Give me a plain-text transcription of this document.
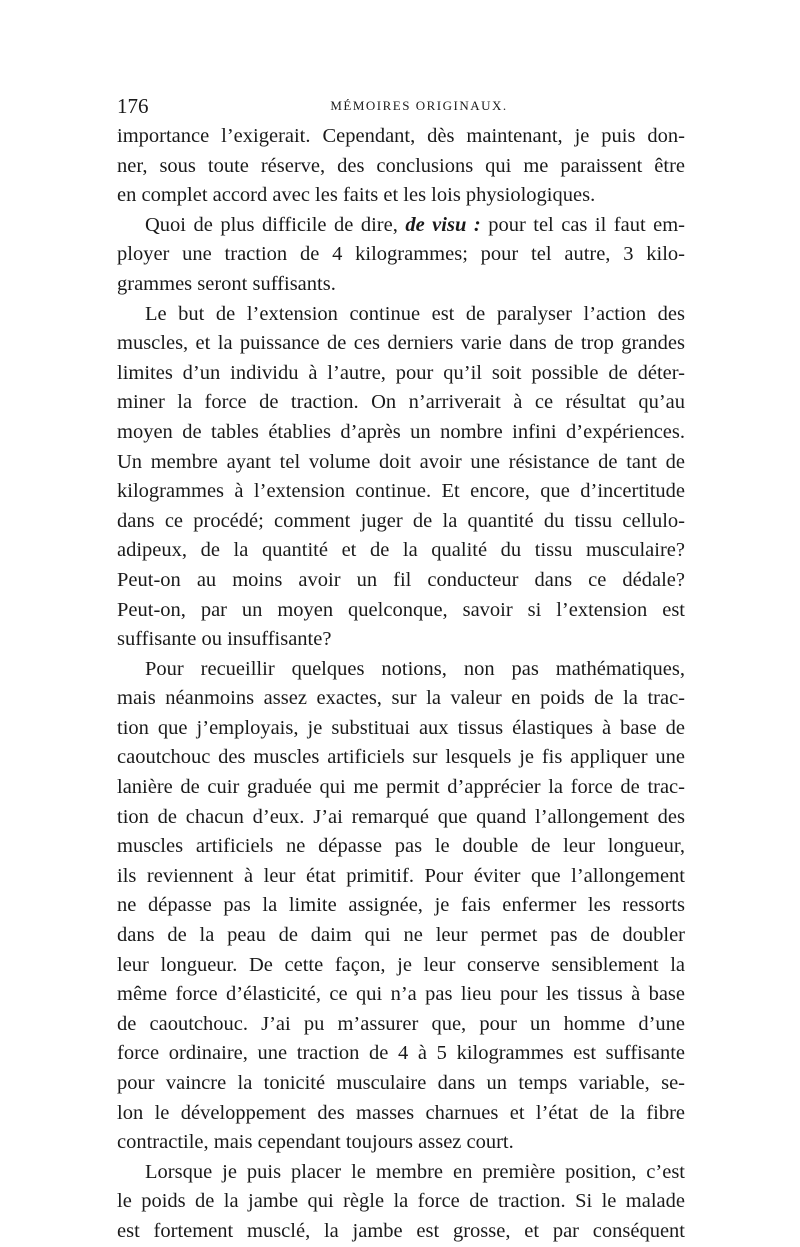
176	MÉMOIRES ORIGINAUX.
importance l’exigerait. Cependant, dès maintenant, je puis don-
ner, sous toute réserve, des conclusions qui me paraissent être
en complet accord avec les faits et les lois physiologiques.
Quoi de plus difficile de dire, de visu : pour tel cas il faut em-
ployer une traction de 4 kilogrammes; pour tel autre, 3 kilo-
grammes seront suffisants.
Le but de l’extension continue est de paralyser l’action des
muscles, et la puissance de ces derniers varie dans de trop grandes
limites d’un individu à l’autre, pour qu’il soit possible de déter-
miner la force de traction. On n’arriverait à ce résultat qu’au
moyen de tables établies d’après un nombre infini d’expériences.
Un membre ayant tel volume doit avoir une résistance de tant de
kilogrammes à l’extension continue. Et encore, que d’incertitude
dans ce procédé; comment juger de la quantité du tissu cellulo-
adipeux, de la quantité et de la qualité du tissu musculaire?
Peut-on au moins avoir un fil conducteur dans ce dédale?
Peut-on, par un moyen quelconque, savoir si l’extension est
suffisante ou insuffisante?
Pour recueillir quelques notions, non pas mathématiques,
mais néanmoins assez exactes, sur la valeur en poids de la trac-
tion que j’employais, je substituai aux tissus élastiques à base de
caoutchouc des muscles artificiels sur lesquels je fis appliquer une
lanière de cuir graduée qui me permit d’apprécier la force de trac-
tion de chacun d’eux. J’ai remarqué que quand l’allongement des
muscles artificiels ne dépasse pas le double de leur longueur,
ils reviennent à leur état primitif. Pour éviter que l’allongement
ne dépasse pas la limite assignée, je fais enfermer les ressorts
dans de la peau de daim qui ne leur permet pas de doubler
leur longueur. De cette façon, je leur conserve sensiblement la
même force d’élasticité, ce qui n’a pas lieu pour les tissus à base
de caoutchouc. J’ai pu m’assurer que, pour un homme d’une
force ordinaire, une traction de 4 à 5 kilogrammes est suffisante
pour vaincre la tonicité musculaire dans un temps variable, se-
lon le développement des masses charnues et l’état de la fibre
contractile, mais cependant toujours assez court.
Lorsque je puis placer le membre en première position, c’est
le poids de la jambe qui règle la force de traction. Si le malade
est fortement musclé, la jambe est grosse, et par conséquent
